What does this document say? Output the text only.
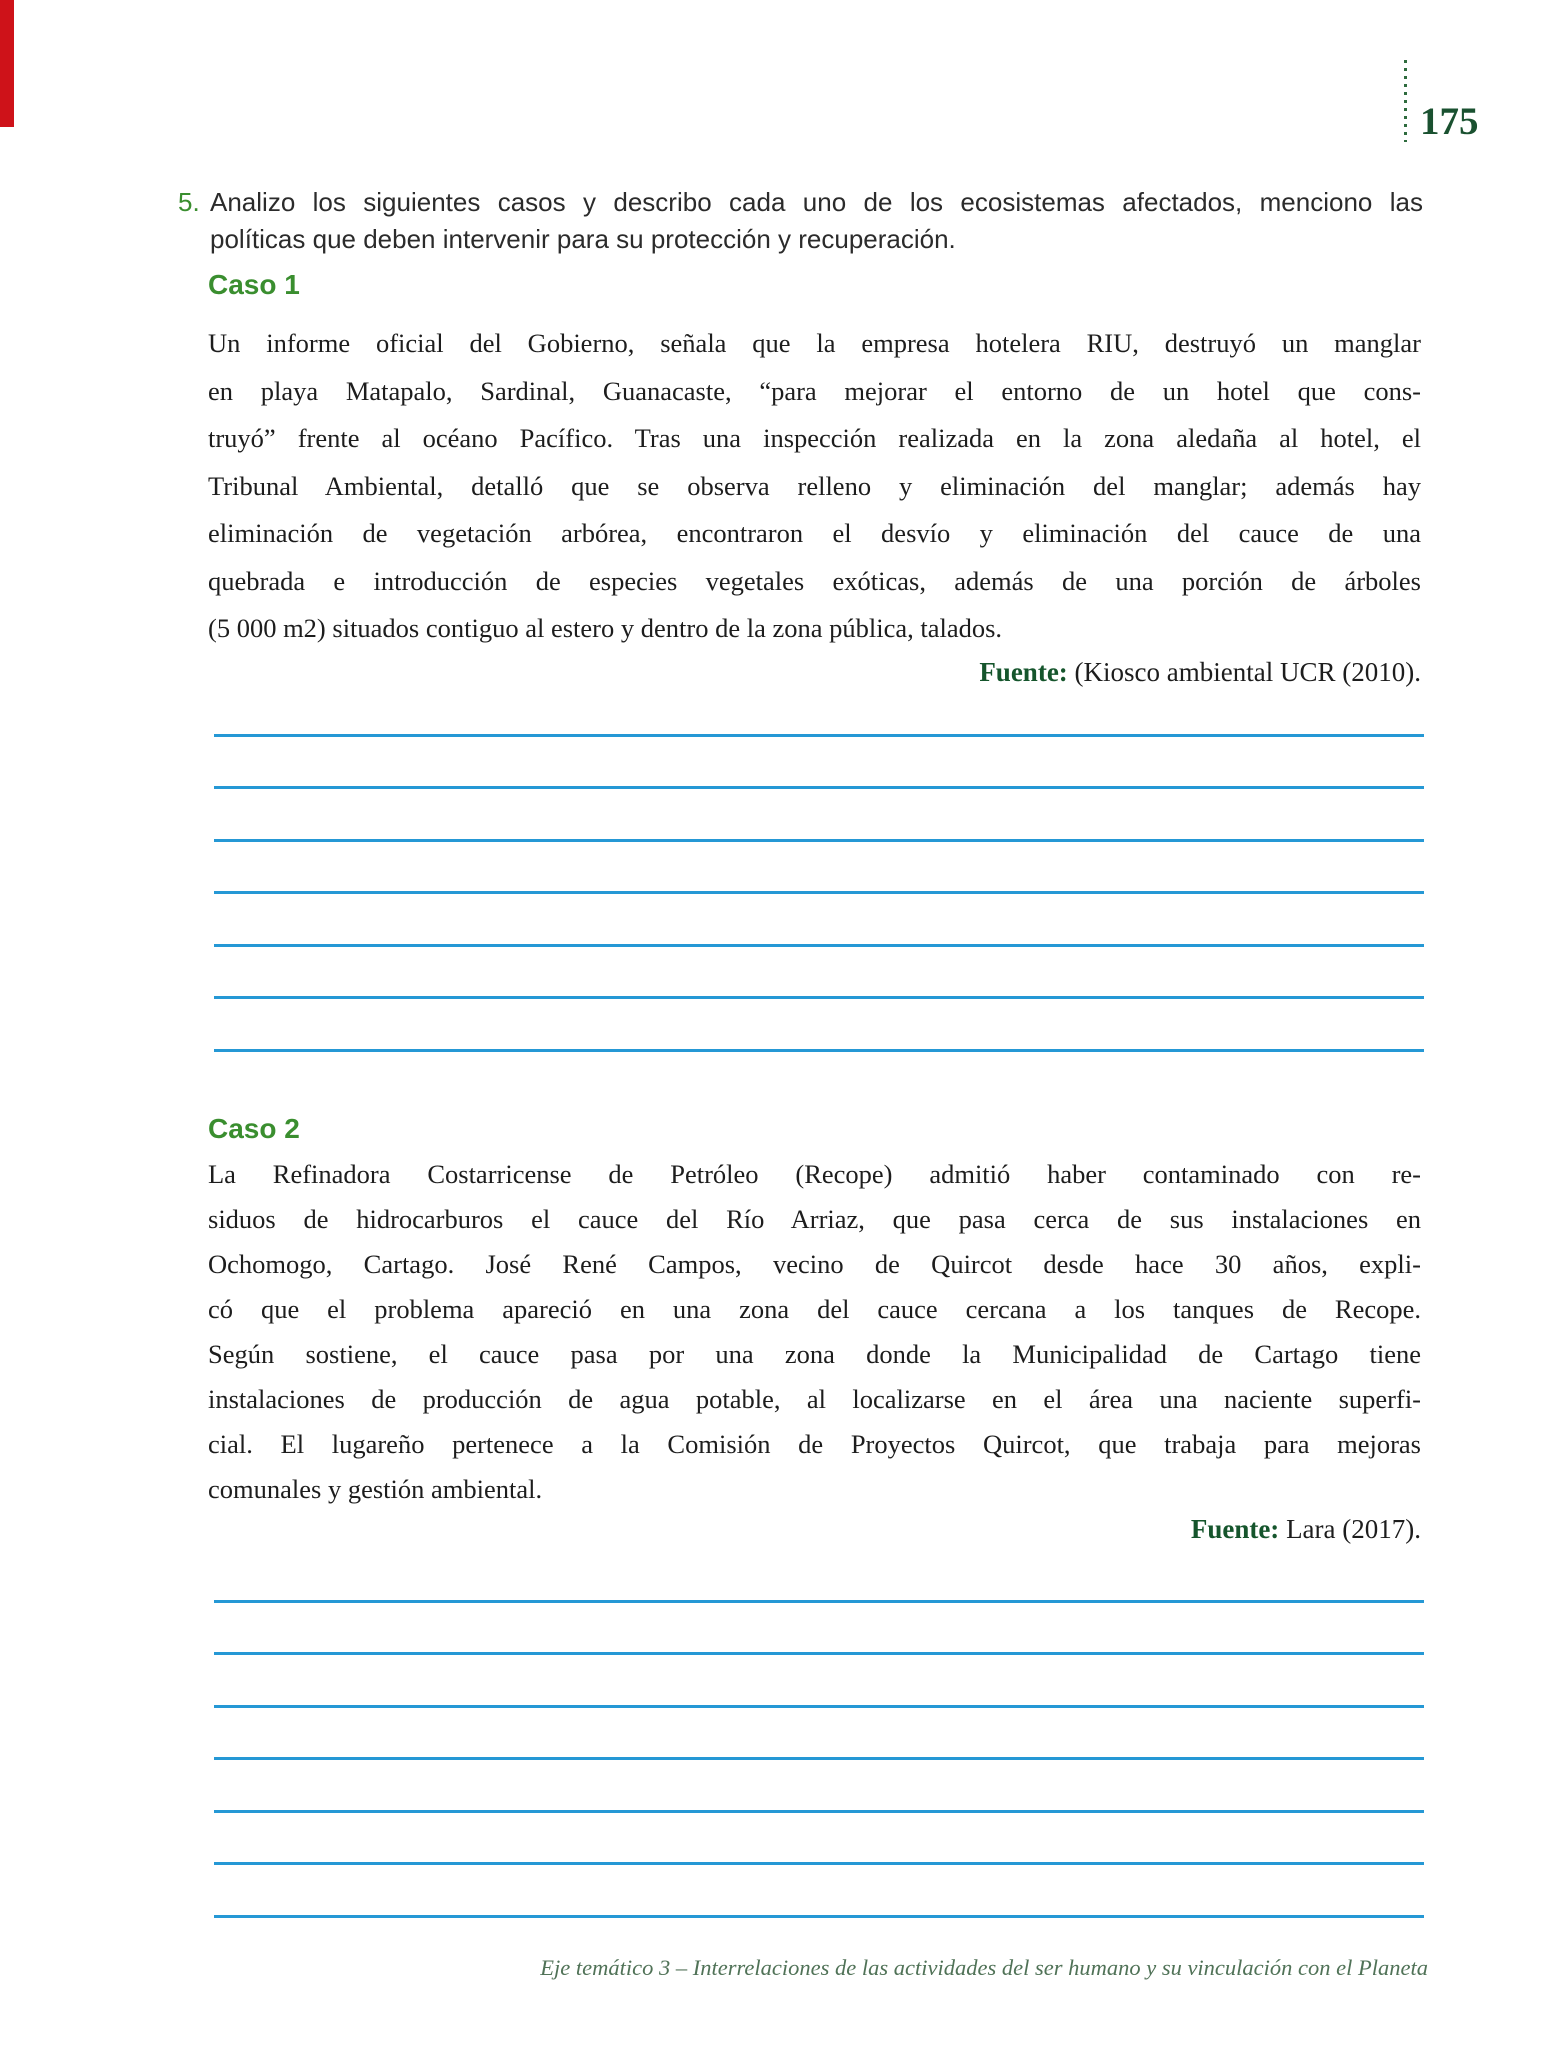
175
5. Analizo los siguientes casos y describo cada uno de los ecosistemas afectados, menciono las
políticas que deben intervenir para su protección y recuperación.
Caso 1
Un informe oficial del Gobierno, señala que la empresa hotelera RIU, destruyó un manglar
en playa Matapalo, Sardinal, Guanacaste, “para mejorar el entorno de un hotel que cons-
truyó” frente al océano Pacífico. Tras una inspección realizada en la zona aledaña al hotel, el
Tribunal Ambiental, detalló que se observa relleno y eliminación del manglar; además hay
eliminación de vegetación arbórea, encontraron el desvío y eliminación del cauce de una
quebrada e introducción de especies vegetales exóticas, además de una porción de árboles
(5 000 m2) situados contiguo al estero y dentro de la zona pública, talados.
Fuente: (Kiosco ambiental UCR (2010).
Caso 2
La Refinadora Costarricense de Petróleo (Recope) admitió haber contaminado con re-
siduos de hidrocarburos el cauce del Río Arriaz, que pasa cerca de sus instalaciones en
Ochomogo, Cartago. José René Campos, vecino de Quircot desde hace 30 años, expli-
có que el problema apareció en una zona del cauce cercana a los tanques de Recope.
Según sostiene, el cauce pasa por una zona donde la Municipalidad de Cartago tiene
instalaciones de producción de agua potable, al localizarse en el área una naciente superfi-
cial. El lugareño pertenece a la Comisión de Proyectos Quircot, que trabaja para mejoras
comunales y gestión ambiental.
Fuente: Lara (2017).
Eje temático 3 – Interrelaciones de las actividades del ser humano y su vinculación con el Planeta
